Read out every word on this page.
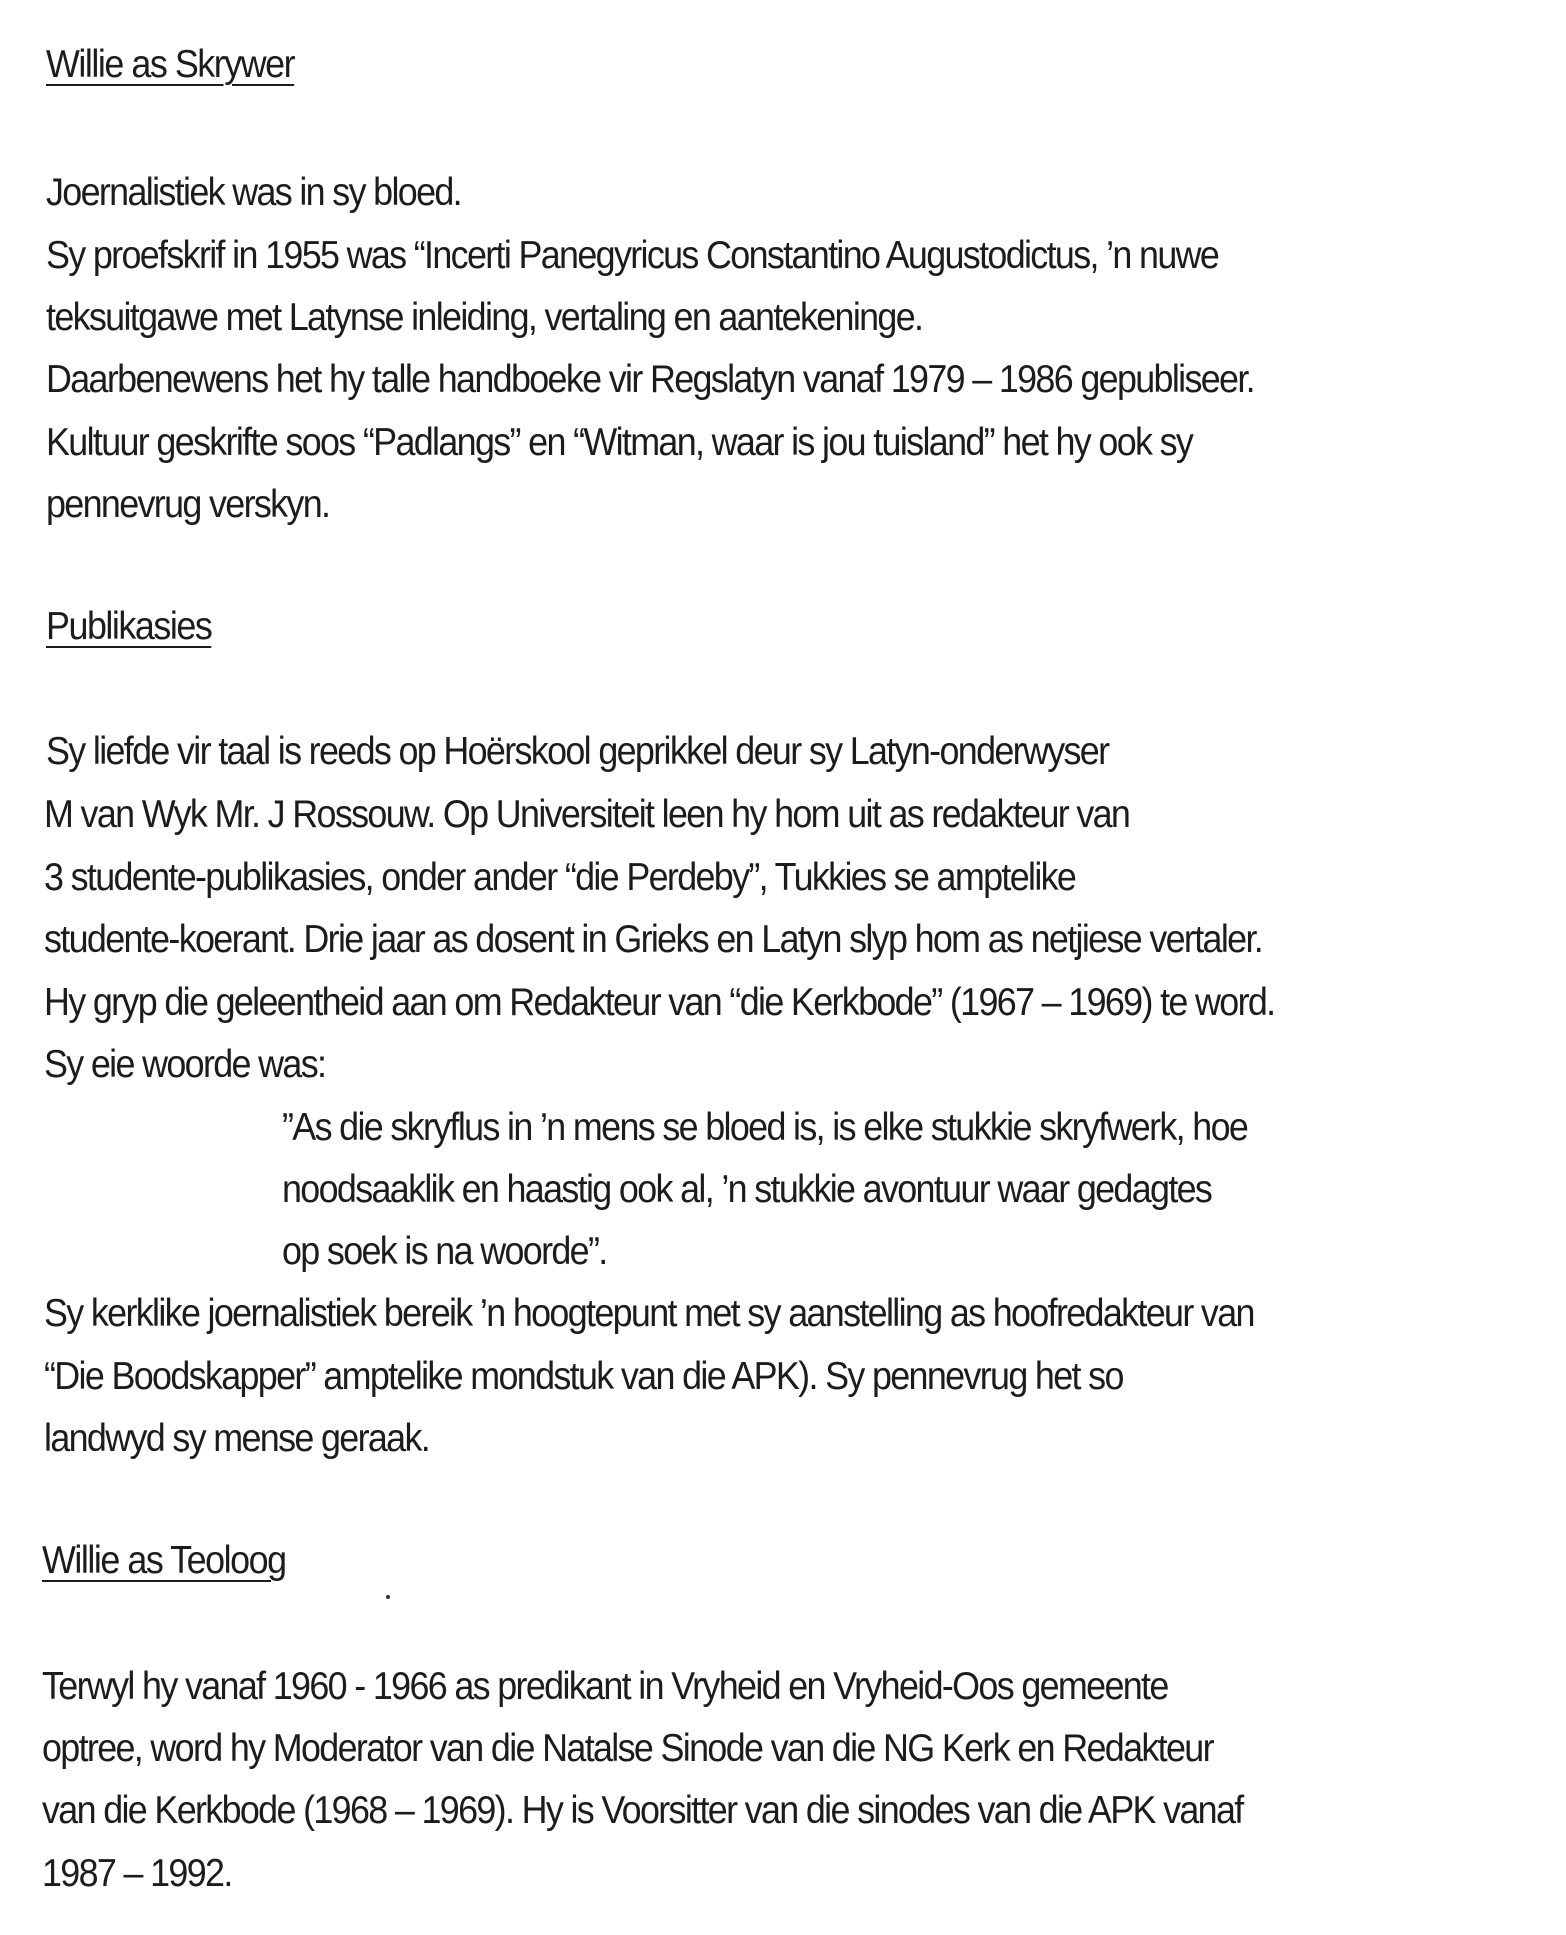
Willie as Skrywer
Joernalistiek was in sy bloed.
Sy proefskrif in 1955 was “Incerti Panegyricus Constantino Augustodictus, ’n nuwe
teksuitgawe met Latynse inleiding, vertaling en aantekeninge.
Daarbenewens het hy talle handboeke vir Regslatyn vanaf 1979 – 1986 gepubliseer.
Kultuur geskrifte soos “Padlangs” en “Witman, waar is jou tuisland” het hy ook sy
pennevrug verskyn.
Publikasies
Sy liefde vir taal is reeds op Hoërskool geprikkel deur sy Latyn-onderwyser
M van Wyk Mr. J Rossouw. Op Universiteit leen hy hom uit as redakteur van
3 studente-publikasies, onder ander “die Perdeby”, Tukkies se amptelike
studente-koerant. Drie jaar as dosent in Grieks en Latyn slyp hom as netjiese vertaler.
Hy gryp die geleentheid aan om Redakteur van “die Kerkbode” (1967 – 1969) te word.
Sy eie woorde was:
”As die skryflus in ’n mens se bloed is, is elke stukkie skryfwerk, hoe
noodsaaklik en haastig ook al, ’n stukkie avontuur waar gedagtes
op soek is na woorde”.
Sy kerklike joernalistiek bereik ’n hoogtepunt met sy aanstelling as hoofredakteur van
“Die Boodskapper” amptelike mondstuk van die APK). Sy pennevrug het so
landwyd sy mense geraak.
Willie as Teoloog
Terwyl hy vanaf 1960 - 1966 as predikant in Vryheid en Vryheid-Oos gemeente
optree, word hy Moderator van die Natalse Sinode van die NG Kerk en Redakteur
van die Kerkbode (1968 – 1969). Hy is Voorsitter van die sinodes van die APK vanaf
1987 – 1992.
